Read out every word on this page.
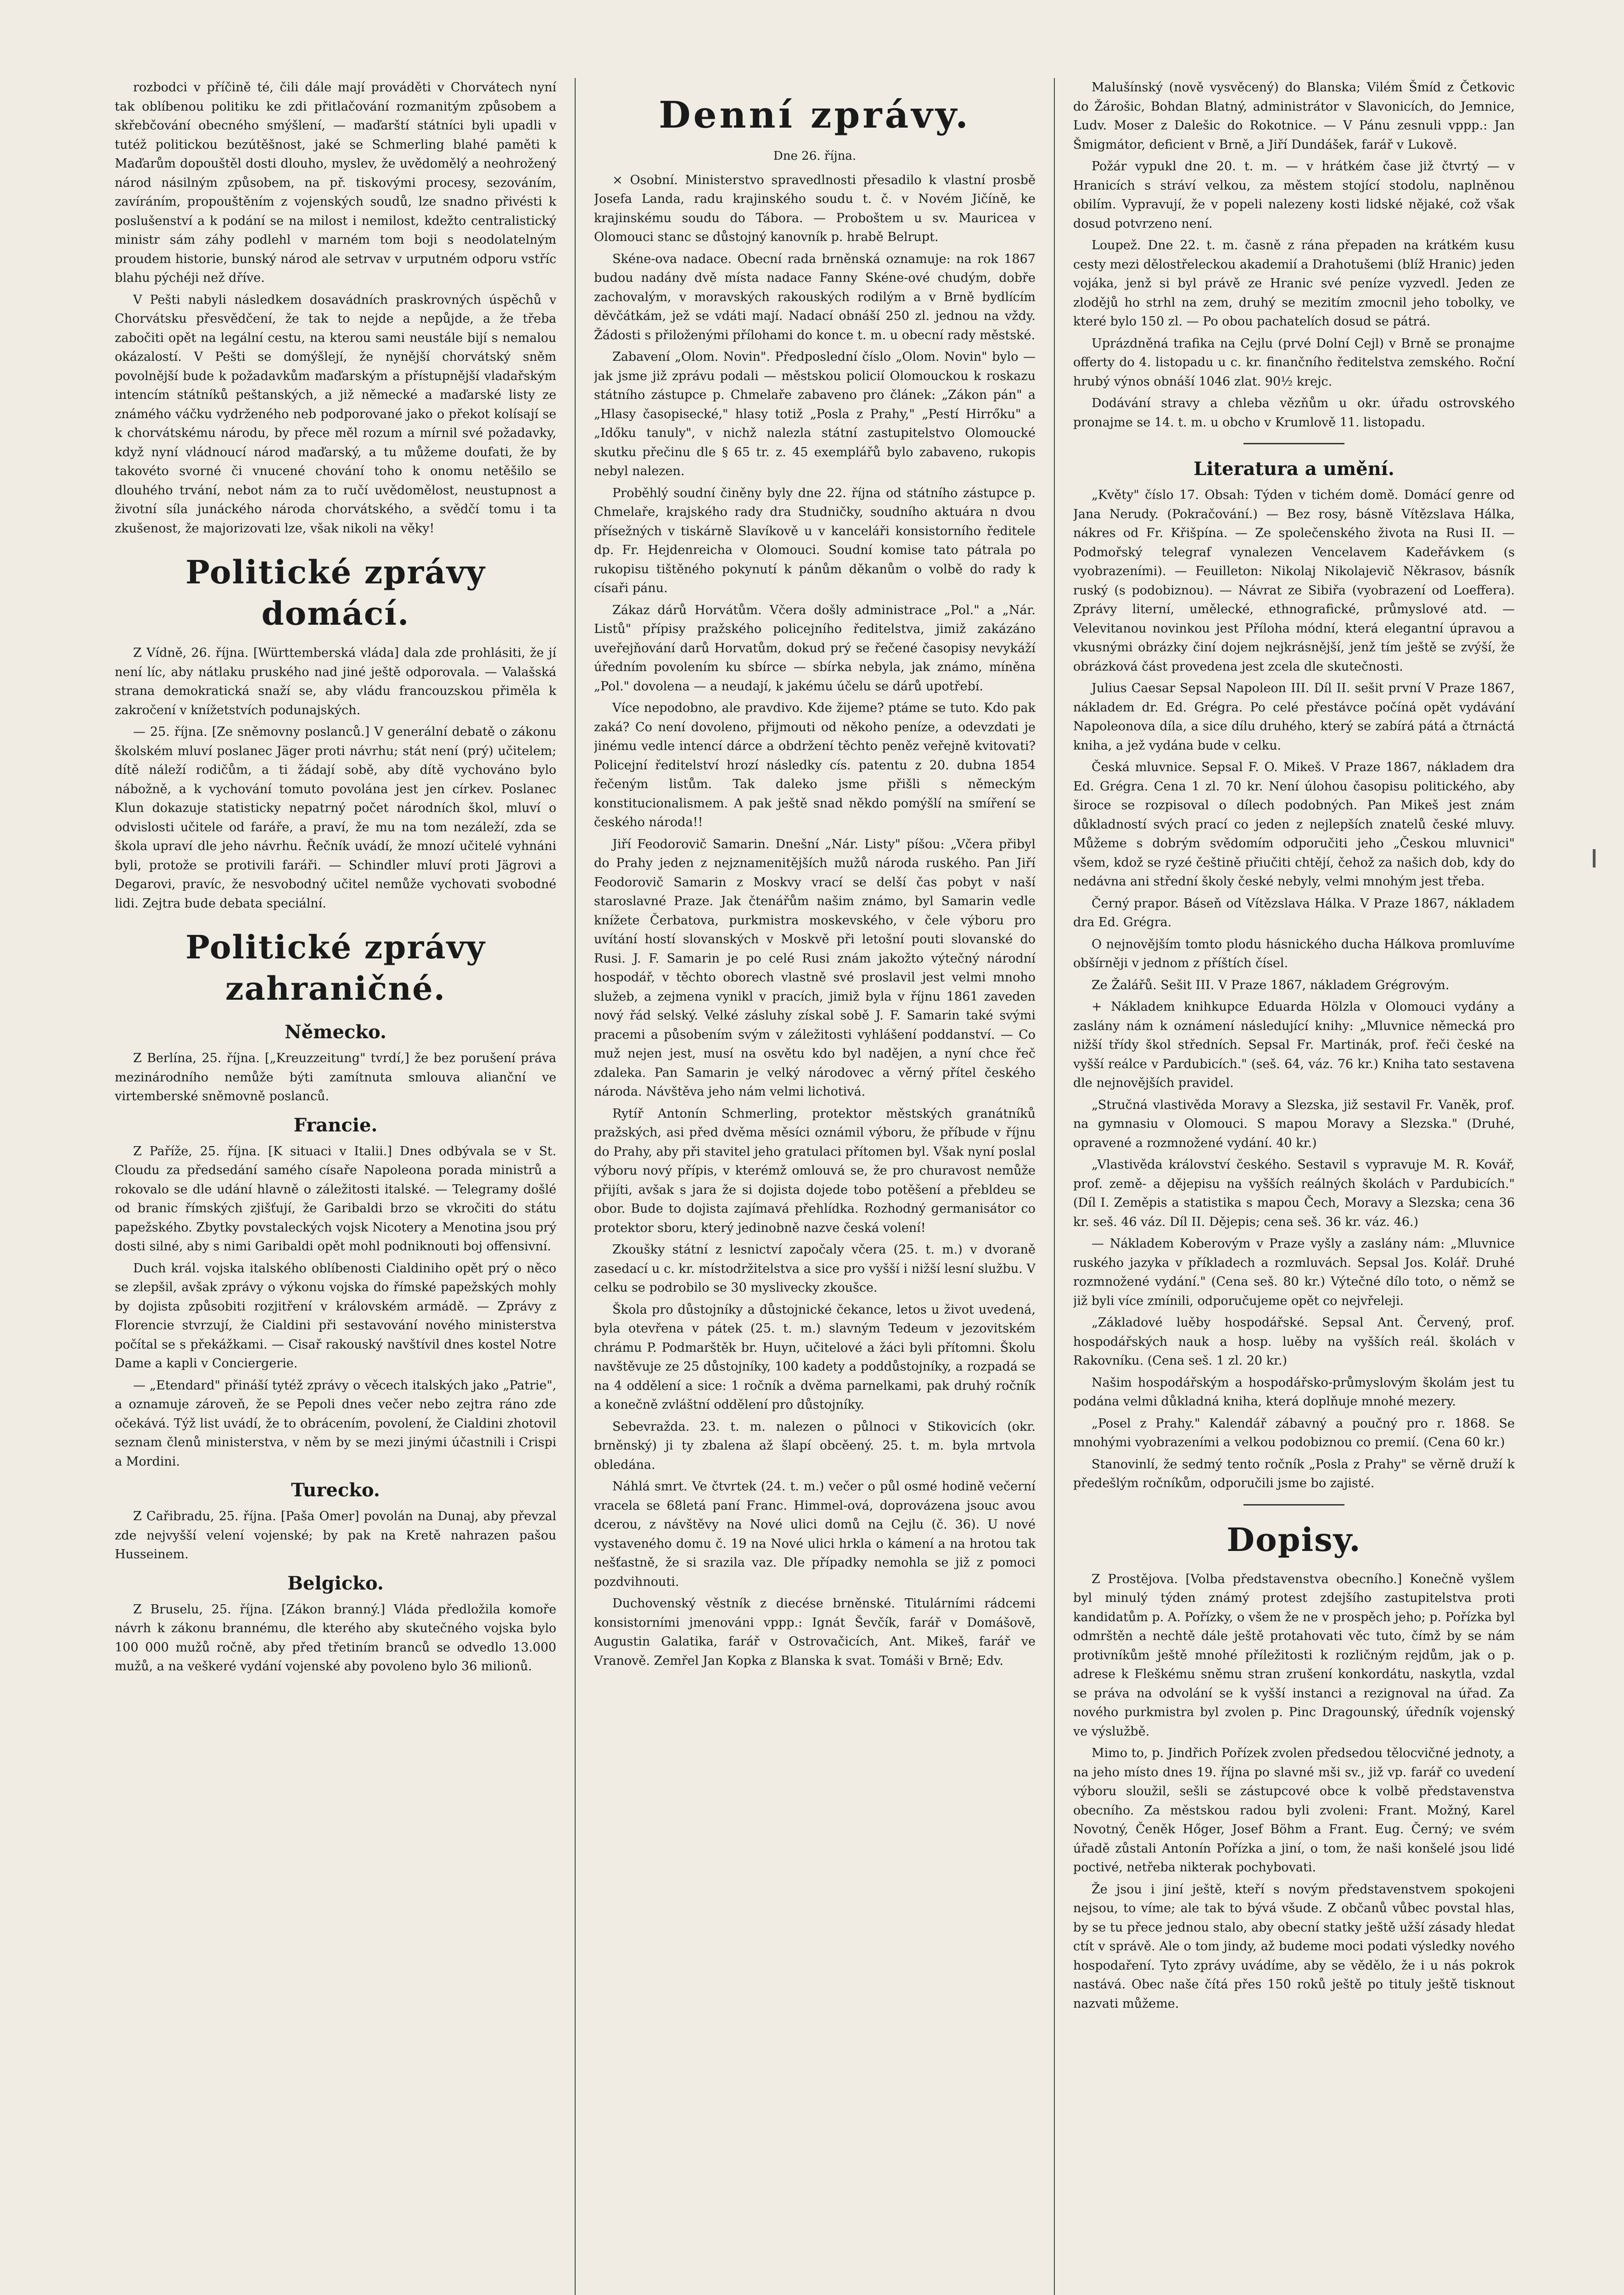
rozbodci v příčině té, čili dále mají prováděti v Chorvátech nyní tak oblíbenou politiku ke zdi přitlačování rozmanitým způsobem a skřebčování obecného smýšlení, — maďarští státníci byli upadli v tutéž politickou bezútěšnost, jaké se Schmerling blahé paměti k Maďarům dopouštěl dosti dlouho, myslev, že uvědomělý a neohrožený národ násilným způsobem, na př. tiskovými procesy, sezováním, zavíráním, propouštěním z vojenských soudů, lze snadno přivésti k poslušenství a k podání se na milost i nemilost, kdežto centralistický ministr sám záhy podlehl v marném tom boji s neodolatelným proudem historie, bunský národ ale setrvav v urputném odporu vstříc blahu pýchéji než dříve.

V Pešti nabyli následkem dosavádních praskrovných úspěchů v Chorvátsku přesvědčení, že tak to nejde a nepůjde, a že třeba zabočiti opět na legální cestu, na kterou sami neustále bijí s nemalou okázalostí. V Pešti se domýšlejí, že nynější chorvátský sněm povolnější bude k požadavkům maďarským a přístupnější vladařským intencím státníků peštanských, a již německé a maďarské listy ze známého váčku vydrženého neb podporované jako o překot kolísají se k chorvátskému národu, by přece měl rozum a mírnil své požadavky, když nyní vládnoucí národ maďarský, a tu můžeme doufati, že by takovéto svorné či vnucené chování toho k onomu netěšilo se dlouhého trvání, nebot nám za to ručí uvědomělost, neustupnost a životní síla junáckého národa chorvátského, a svědčí tomu i ta zkušenost, že majorizovati lze, však nikoli na věky!

Politické zprávy domácí.

Z Vídně, 26. října. [Württemberská vláda] dala zde prohlásiti, že jí není líc, aby nátlaku pruského nad jiné ještě odporovala. — Valašská strana demokratická snaží se, aby vládu francouzskou přiměla k zakročení v knížetstvích podunajských.

— 25. října. [Ze sněmovny poslanců.] V generální debatě o zákonu školském mluví poslanec Jäger proti návrhu; stát není (prý) učitelem; dítě náleží rodičům, a ti žádají sobě, aby dítě vychováno bylo nábožně, a k vychování tomuto povolána jest jen církev. Poslanec Klun dokazuje statisticky nepatrný počet národních škol, mluví o odvislosti učitele od faráře, a praví, že mu na tom nezáleží, zda se škola upraví dle jeho návrhu. Řečník uvádí, že mnozí učitelé vyhnáni byli, protože se protivili faráři. — Schindler mluví proti Jägrovi a Degarovi, pravíc, že nesvobodný učitel nemůže vychovati svobodné lidi. Zejtra bude debata speciální.

Politické zprávy zahraničné.
Německo.

Z Berlína, 25. října. [„Kreuzzeitung" tvrdí,] že bez porušení práva mezinárodního nemůže býti zamítnuta smlouva alianční ve virtemberské sněmovně poslanců.

Francie.

Z Paříže, 25. října. [K situaci v Italii.] Dnes odbývala se v St. Cloudu za předsedání samého císaře Napoleona porada ministrů a rokovalo se dle udání hlavně o záležitosti italské. — Telegramy došlé od branic římských zjišťují, že Garibaldi brzo se vkročiti do státu papežského. Zbytky povstaleckých vojsk Nicotery a Menotina jsou prý dosti silné, aby s nimi Garibaldi opět mohl podniknouti boj offensivní.

Duch král. vojska italského oblíbenosti Cialdiniho opět prý o něco se zlepšil, avšak zprávy o výkonu vojska do římské papežských mohly by dojista způsobiti rozjitření v královském armádě. — Zprávy z Florencie stvrzují, že Cialdini při sestavování nového ministerstva počítal se s překážkami. — Cisař rakouský navštívil dnes kostel Notre Dame a kapli v Conciergerie.

— „Etendard" přináší tytéž zprávy o věcech italských jako „Patrie", a oznamuje zároveň, že se Pepoli dnes večer nebo zejtra ráno zde očekává. Týž list uvádí, že to obrácením, povolení, že Cialdini zhotovil seznam členů ministerstva, v něm by se mezi jinými účastnili i Crispi a Mordini.

Turecko.

Z Cařibradu, 25. října. [Paša Omer] povolán na Dunaj, aby převzal zde nejvyšší velení vojenské; by pak na Kretě nahrazen pašou Husseinem.

Belgicko.

Z Bruselu, 25. října. [Zákon branný.] Vláda předložila komoře návrh k zákonu brannému, dle kterého aby skutečného vojska bylo 100 000 mužů ročně, aby před třetiním branců se odvedlo 13.000 mužů, a na veškeré vydání vojenské aby povoleno bylo 36 milionů.

Denní zprávy.
Dne 26. října.

× Osobní. Ministerstvo spravedlnosti přesadilo k vlastní prosbě Josefa Landa, radu krajinského soudu t. č. v Novém Jičíně, ke krajinskému soudu do Tábora. — Proboštem u sv. Mauricea v Olomouci stanc se důstojný kanovník p. hrabě Belrupt.

Skéne-ova nadace. Obecní rada brněnská oznamuje: na rok 1867 budou nadány dvě místa nadace Fanny Skéne-ové chudým, dobře zachovalým, v moravských rakouských rodilým a v Brně bydlícím děvčátkám, jež se vdáti mají. Nadací obnáší 250 zl. jednou na vždy. Žádosti s přiloženými přílohami do konce t. m. u obecní rady městské.

Zabavení „Olom. Novin". Předposlední číslo „Olom. Novin" bylo — jak jsme již zprávu podali — městskou policií Olomouckou k roskazu státního zástupce p. Chmelaře zabaveno pro článek: „Zákon pán" a „Hlasy časopisecké," hlasy totiž „Posla z Prahy," „Pestí Hirrőku" a „Időku tanuly", v nichž nalezla státní zastupitelstvo Olomoucké skutku přečinu dle § 65 tr. z. 45 exemplářů bylo zabaveno, rukopis nebyl nalezen.

Proběhlý soudní činěny byly dne 22. října od státního zástupce p. Chmelaře, krajského rady dra Studničky, soudního aktuára n dvou přísežných v tiskárně Slavíkově u v kanceláři konsistorního ředitele dp. Fr. Hejdenreicha v Olomouci. Soudní komise tato pátrala po rukopisu tištěného pokynutí k pánům děkanům o volbě do rady k císaři pánu.

Zákaz dárů Horvátům. Včera došly administrace „Pol." a „Nár. Listů" přípisy pražského policejního ředitelstva, jimiž zakázáno uveřejňování darů Horvatům, dokud prý se řečené časopisy nevykáží úředním povolením ku sbírce — sbírka nebyla, jak známo, míněna „Pol." dovolena — a neudají, k jakému účelu se dárů upotřebí.

Více nepodobno, ale pravdivo. Kde žijeme? ptáme se tuto. Kdo pak zaká? Co není dovoleno, přijmouti od někoho peníze, a odevzdati je jinému vedle intencí dárce a obdržení těchto peněz veřejně kvitovati? Policejní ředitelství hrozí následky cís. patentu z 20. dubna 1854 řečeným listům. Tak daleko jsme přišli s německým konstitucionalismem. A pak ještě snad někdo pomýšlí na smíření se českého národa!!

Jiří Feodorovič Samarin. Dnešní „Nár. Listy" píšou: „Včera přibyl do Prahy jeden z nejznamenitějších mužů národa ruského. Pan Jiří Feodorovič Samarin z Moskvy vrací se delší čas pobyt v naší staroslavné Praze. Jak čtenářům našim známo, byl Samarin vedle knížete Čerbatova, purkmistra moskevského, v čele výboru pro uvítání hostí slovanských v Moskvě při letošní pouti slovanské do Rusi. J. F. Samarin je po celé Rusi znám jakožto výtečný národní hospodář, v těchto oborech vlastně své proslavil jest velmi mnoho služeb, a zejmena vynikl v pracích, jimiž byla v říjnu 1861 zaveden nový řád selský. Velké zásluhy získal sobě J. F. Samarin také svými pracemi a působením svým v záležitosti vyhlášení poddanství. — Co muž nejen jest, musí na osvětu kdo byl nadějen, a nyní chce řeč zdaleka. Pan Samarin je velký národovec a věrný přítel českého národa. Návštěva jeho nám velmi lichotivá.

Rytíř Antonín Schmerling, protektor městských granátníků pražských, asi před dvěma měsíci oznámil výboru, že příbude v říjnu do Prahy, aby při stavitel jeho gratulaci přítomen byl. Však nyní poslal výboru nový přípis, v kterémž omlouvá se, že pro churavost nemůže přijíti, avšak s jara že si dojista dojede tobo potěšení a přebldeu se obor. Bude to dojista zajímavá přehlídka. Rozhodný germanisátor co protektor sboru, který jedinobně nazve česká volení!

Zkoušky státní z lesnictví započaly včera (25. t. m.) v dvoraně zasedací u c. kr. místodržitelstva a sice pro vyšší i nižší lesní službu. V celku se podrobilo se 30 myslivecky zkoušce.

Škola pro důstojníky a důstojnické čekance, letos u život uvedená, byla otevřena v pátek (25. t. m.) slavným Tedeum v jezovitském chrámu P. Podmarštěk br. Huyn, učitelové a žáci byli přítomni. Školu navštěvuje ze 25 důstojníky, 100 kadety a poddůstojníky, a rozpadá se na 4 oddělení a sice: 1 ročník a dvěma parnelkami, pak druhý ročník a konečně zvláštní oddělení pro důstojníky.

Sebevražda. 23. t. m. nalezen o půlnoci v Stikovicích (okr. brněnský) ji ty zbalena až šlapí obcěený. 25. t. m. byla mrtvola obledána.

Náhlá smrt. Ve čtvrtek (24. t. m.) večer o půl osmé hodině večerní vracela se 68letá paní Franc. Himmel-ová, doprovázena jsouc avou dcerou, z návštěvy na Nové ulici domů na Cejlu (č. 36). U nové vystaveného domu č. 19 na Nové ulici hrkla o kámení a na hrotou tak nešťastně, že si srazila vaz. Dle případky nemohla se již z pomoci pozdvihnouti.

Duchovenský věstník z diecése brněnské. Titulárními rádcemi konsistorními jmenováni vppp.: Ignát Ševčík, farář v Domášově, Augustin Galatika, farář v Ostrovačicích, Ant. Mikeš, farář ve Vranově. Zemřel Jan Kopka z Blanska k svat. Tomáši v Brně; Edv.

Malušínský (nově vysvěcený) do Blanska; Vilém Šmíd z Četkovic do Žárošic, Bohdan Blatný, administrátor v Slavonicích, do Jemnice, Ludv. Moser z Dalešic do Rokotnice. — V Pánu zesnuli vppp.: Jan Šmigmátor, deficient v Brně, a Jiří Dundášek, farář v Lukově.

Požár vypukl dne 20. t. m. — v hrátkém čase již čtvrtý — v Hranicích s stráví velkou, za městem stojící stodolu, naplněnou obilím. Vypravují, že v popeli nalezeny kosti lidské nějaké, což však dosud potvrzeno není.

Loupež. Dne 22. t. m. časně z rána přepaden na krátkém kusu cesty mezi dělostřeleckou akademií a Drahotušemi (blíž Hranic) jeden vojáka, jenž si byl právě ze Hranic své peníze vyzvedl. Jeden ze zlodějů ho strhl na zem, druhý se mezitím zmocnil jeho tobolky, ve které bylo 150 zl. — Po obou pachatelích dosud se pátrá.

Uprázdněná trafika na Cejlu (prvé Dolní Cejl) v Brně se pronajme offerty do 4. listopadu u c. kr. finančního ředitelstva zemského. Roční hrubý výnos obnáší 1046 zlat. 90½ krejc.

Dodávání stravy a chleba vězňům u okr. úřadu ostrovského pronajme se 14. t. m. u obcho v Krumlově 11. listopadu.

Literatura a umění.

„Květy" číslo 17. Obsah: Týden v tichém domě. Domácí genre od Jana Nerudy. (Pokračování.) — Bez rosy, básně Vítězslava Hálka, nákres od Fr. Křišpína. — Ze společenského života na Rusi II. — Podmořský telegraf vynalezen Vencelavem Kadeřávkem (s vyobrazeními). — Feuilleton: Nikolaj Nikolajevič Někrasov, básník ruský (s podobiznou). — Návrat ze Sibiřa (vyobrazení od Loeffera). Zprávy literní, umělecké, ethnografické, průmyslové atd. — Velevitanou novinkou jest Příloha módní, která elegantní úpravou a vkusnými obrázky činí dojem nejkrásnější, jenž tím ještě se zvýší, že obrázková část provedena jest zcela dle skutečnosti.

Julius Caesar Sepsal Napoleon III. Díl II. sešit první V Praze 1867, nákladem dr. Ed. Grégra. Po celé přestávce počíná opět vydávání Napoleonova díla, a sice dílu druhého, který se zabírá pátá a čtrnáctá kniha, a jež vydána bude v celku.

Česká mluvnice. Sepsal F. O. Mikeš. V Praze 1867, nákladem dra Ed. Grégra. Cena 1 zl. 70 kr. Není úlohou časopisu politického, aby široce se rozpisoval o dílech podobných. Pan Mikeš jest znám důkladností svých prací co jeden z nejlepších znatelů české mluvy. Můžeme s dobrým svědomím odporučiti jeho „Českou mluvnici" všem, kdož se ryzé češtině přiučiti chtějí, čehož za našich dob, kdy do nedávna ani střední školy české nebyly, velmi mnohým jest třeba.

Černý prapor. Báseň od Vítězslava Hálka. V Praze 1867, nákladem dra Ed. Grégra.

O nejnovějším tomto plodu hásnického ducha Hálkova promluvíme obšírněji v jednom z příštích čísel.

Ze Žalářů. Sešit III. V Praze 1867, nákladem Grégrovým.

+ Nákladem knihkupce Eduarda Hölzla v Olomouci vydány a zaslány nám k oznámení následující knihy: „Mluvnice německá pro nižší třídy škol středních. Sepsal Fr. Martinák, prof. řeči české na vyšší reálce v Pardubicích." (seš. 64, váz. 76 kr.) Kniha tato sestavena dle nejnovějších pravidel.

„Stručná vlastivěda Moravy a Slezska, již sestavil Fr. Vaněk, prof. na gymnasiu v Olomouci. S mapou Moravy a Slezska." (Druhé, opravené a rozmnožené vydání. 40 kr.)

„Vlastivěda království českého. Sestavil s vypravuje M. R. Kovář, prof. země- a dějepisu na vyšších reálných školách v Pardubicích." (Díl I. Zeměpis a statistika s mapou Čech, Moravy a Slezska; cena 36 kr. seš. 46 váz. Díl II. Dějepis; cena seš. 36 kr. váz. 46.)

— Nákladem Koberovým v Praze vyšly a zaslány nám: „Mluvnice ruského jazyka v příkladech a rozmluvách. Sepsal Jos. Kolář. Druhé rozmnožené vydání." (Cena seš. 80 kr.) Výtečné dílo toto, o němž se již byli více zmínili, odporučujeme opět co nejvřeleji.

„Základové luěby hospodářské. Sepsal Ant. Červený, prof. hospodářských nauk a hosp. luěby na vyšších reál. školách v Rakovníku. (Cena seš. 1 zl. 20 kr.)

Našim hospodářským a hospodářsko-průmyslovým školám jest tu podána velmi důkladná kniha, která doplňuje mnohé mezery.

„Posel z Prahy." Kalendář zábavný a poučný pro r. 1868. Se mnohými vyobrazeními a velkou podobiznou co premií. (Cena 60 kr.)

Stanovinlí, že sedmý tento ročník „Posla z Prahy" se věrně druží k předešlým ročníkům, odporučili jsme bo zajisté.

Dopisy.

Z Prostějova. [Volba představenstva obecního.] Konečně vyšlem byl minulý týden známý protest zdejšího zastupitelstva proti kandidatům p. A. Pořízky, o všem že ne v prospěch jeho; p. Pořízka byl odmrštěn a nechtě dále ještě protahovati věc tuto, čímž by se nám protivníkům ještě mnohé příležitosti k rozličným rejdům, jak o p. adrese k Fleškému sněmu stran zrušení konkordátu, naskytla, vzdal se práva na odvolání se k vyšší instanci a rezignoval na úřad. Za nového purkmistra byl zvolen p. Pinc Dragounský, úředník vojenský ve výslužbě.

Mimo to, p. Jindřich Pořízek zvolen předsedou tělocvičné jednoty, a na jeho místo dnes 19. října po slavné mši sv., již vp. farář co uvedení výboru sloužil, sešli se zástupcové obce k volbě představenstva obecního. Za městskou radou byli zvoleni: Frant. Možný, Karel Novotný, Čeněk Hőger, Josef Böhm a Frant. Eug. Černý; ve svém úřadě zůstali Antonín Pořízka a jiní, o tom, že naši konšelé jsou lidé poctivé, netřeba nikterak pochybovati.

Že jsou i jiní ještě, kteří s novým představenstvem spokojeni nejsou, to víme; ale tak to bývá všude. Z občanů vůbec povstal hlas, by se tu přece jednou stalo, aby obecní statky ještě užší zásady hledat ctít v správě. Ale o tom jindy, až budeme moci podati výsledky nového hospodaření. Tyto zprávy uvádíme, aby se vědělo, že i u nás pokrok nastává. Obec naše čítá přes 150 roků ještě po tituly ještě tisknout nazvati můžeme.
